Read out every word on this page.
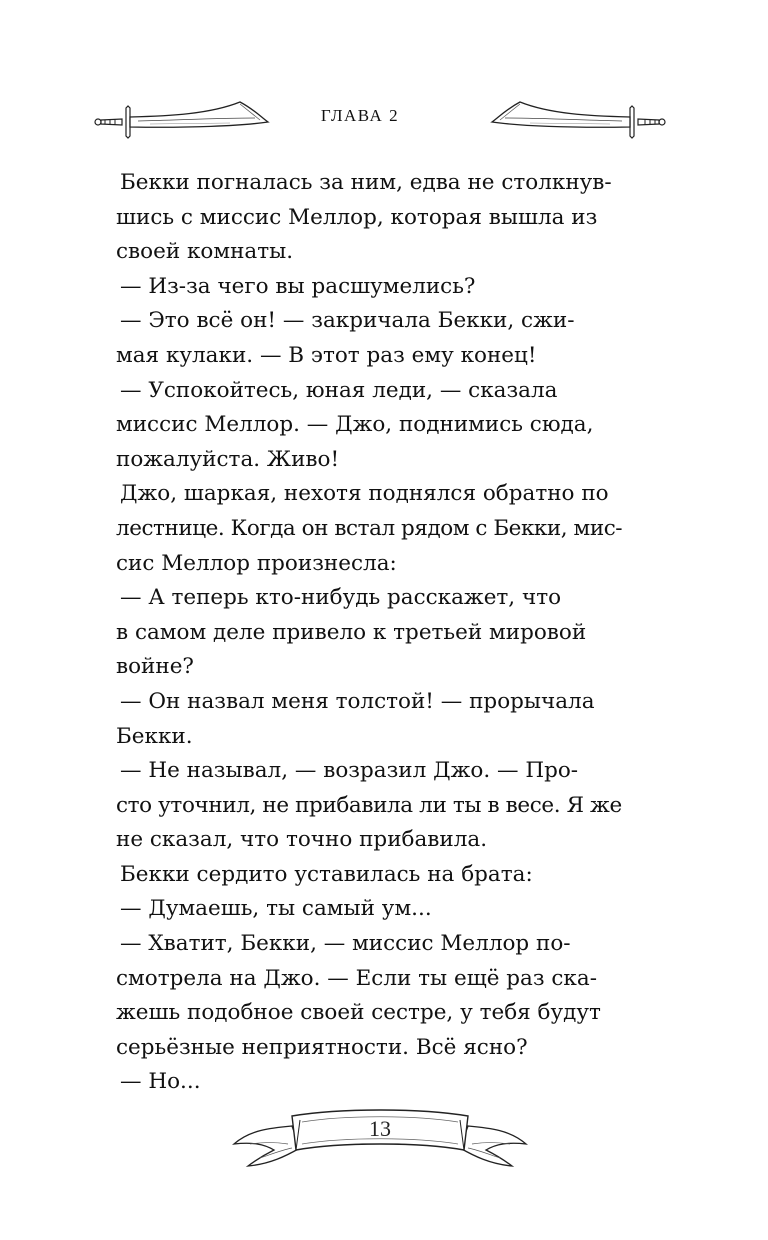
ГЛАВА 2

Бекки погналась за ним, едва не столкнув-

шись с миссис Меллор, которая вышла из

своей комнаты.

— Из-за чего вы расшумелись?

— Это всё он! — закричала Бекки, сжи-

мая кулаки. — В этот раз ему конец!

— Успокойтесь, юная леди, — сказала

миссис Меллор. — Джо, поднимись сюда,

пожалуйста. Живо!

Джо, шаркая, нехотя поднялся обратно по

лестнице. Когда он встал рядом с Бекки, мис-

сис Меллор произнесла:

— А теперь кто-нибудь расскажет, что

в самом деле привело к третьей мировой

войне?

— Он назвал меня толстой! — прорычала

Бекки.

— Не называл, — возразил Джо. — Про-

сто уточнил, не прибавила ли ты в весе. Я же

не сказал, что точно прибавила.

Бекки сердито уставилась на брата:

— Думаешь, ты самый ум...

— Хватит, Бекки, — миссис Меллор по-

смотрела на Джо. — Если ты ещё раз ска-

жешь подобное своей сестре, у тебя будут

серьёзные неприятности. Всё ясно?

— Но...

13
